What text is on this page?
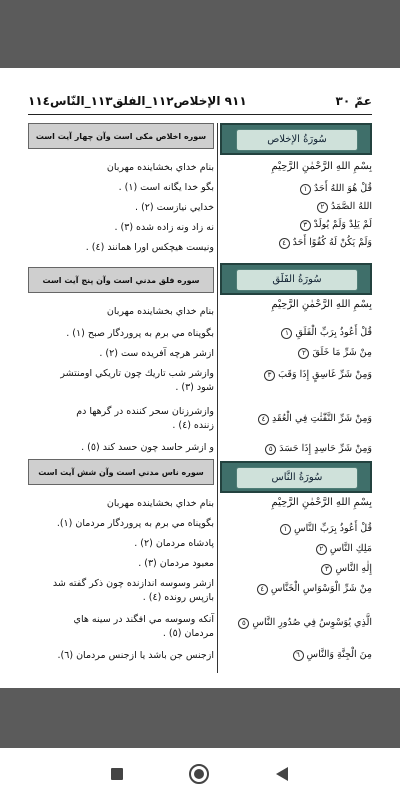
عمّ ٣٠
٩١١ الإخلاص١١٢_الفلق١١٣_النّاس١١٤
سوره اخلاص مکی است وآن چهار آیت است
بنام خداي بخشاينده مهربان
بگو خدا يگانه است (١) .
خدايي نيازست (٢) .
نه زاد ونه زاده شده (٣) .
ونيست هيچكس اورا همانند (٤) .
سوره فلق مدني است وآن پنج آيت است
بنام خداي بخشاينده مهربان
بگوپناه مي برم به پروردگار صبح (١) .
ازشر هرچه آفريده ست (٢) .
وازشر شب تاريك چون تاريكي اومنتشر
شود (٣) .
وازشرزنان سحر كننده در گرهها دم
زننده (٤) .
و ازشر حاسد چون حسد كند (٥) .
سوره ناس مدني است وآن شش آيت است
بنام خداي بخشاينده مهربان
بگوپناه مي برم به پروردگار مردمان (١).
پادشاه مردمان (٢) .
معبود مردمان (٣) .
ازشر وسوسه اندازنده چون ذكر گفته شد
بازپس رونده (٤) .
آنكه وسوسه مي افگند در سينه هاي
مردمان (٥) .
ازجنس جن باشد يا ازجنس مردمان (٦).
سُورَةُ الإخلاص
بِسْمِ اللهِ الرَّحْمٰنِ الرَّحِيْمِ
قُلْ هُوَ اللهُ أَحَدٌ ١
اللهُ الصَّمَدُ ٢
لَمْ يَلِدْ وَلَمْ يُولَدْ ٣
وَلَمْ يَكُنْ لَهُ كُفُوًا أَحَدٌ ٤
سُورَةُ الفَلَق
بِسْمِ اللهِ الرَّحْمٰنِ الرَّحِيْمِ
قُلْ أَعُوذُ بِرَبِّ الْفَلَقِ ١
مِنْ شَرِّ مَا خَلَقَ ٢
وَمِنْ شَرِّ غَاسِقٍ إِذَا وَقَبَ ٣
وَمِنْ شَرِّ النَّفّٰثٰتِ فِي الْعُقَدِ ٤
وَمِنْ شَرِّ حَاسِدٍ إِذَا حَسَدَ ٥
سُورَةُ النَّاس
بِسْمِ اللهِ الرَّحْمٰنِ الرَّحِيْمِ
قُلْ أَعُوذُ بِرَبِّ النَّاسِ ١
مَلِكِ النَّاسِ ٢
إِلٰهِ النَّاسِ ٣
مِنْ شَرِّ الْوَسْوَاسِ الْخَنَّاسِ ٤
الَّذِي يُوَسْوِسُ فِي صُدُورِ النَّاسِ ٥
مِنَ الْجِنَّةِ وَالنَّاسِ ٦
